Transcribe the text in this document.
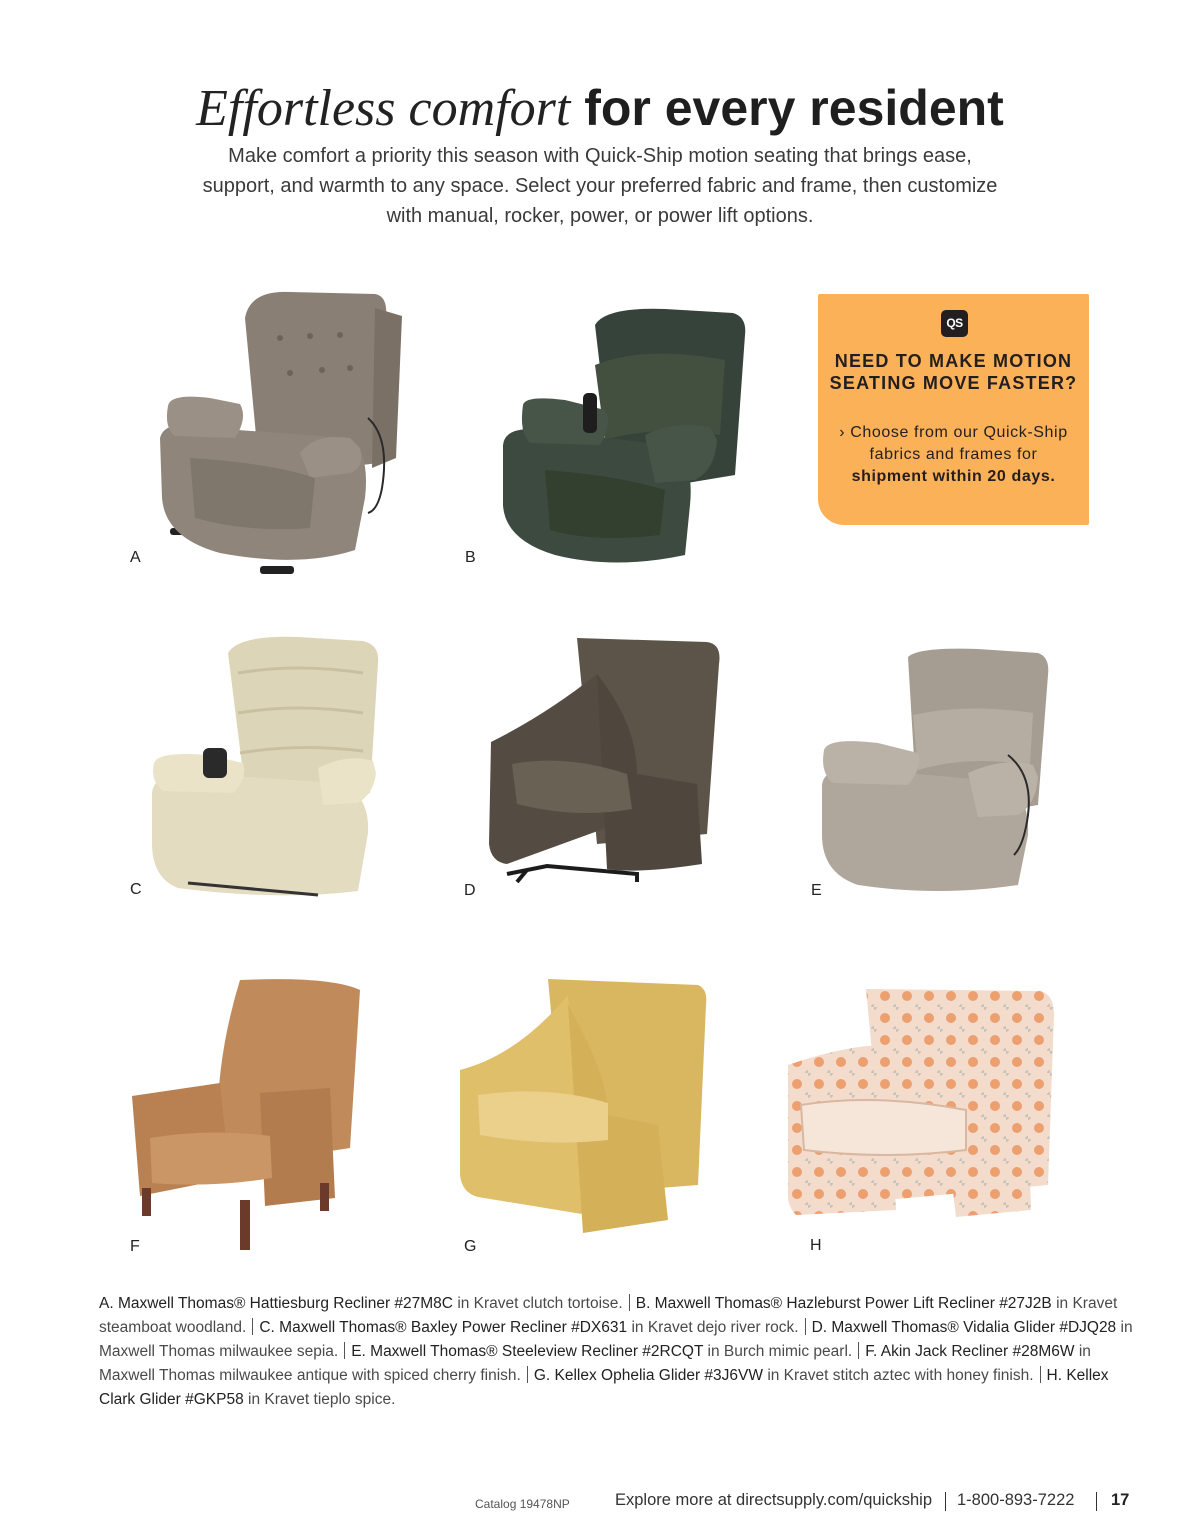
Effortless comfort for every resident

Make comfort a priority this season with Quick-Ship motion seating that brings ease, support, and warmth to any space. Select your preferred fabric and frame, then customize with manual, rocker, power, or power lift options.

A	B
QS
NEED TO MAKE MOTION SEATING MOVE FASTER?
› Choose from our Quick-Ship fabrics and frames for shipment within 20 days.
C	D	E
F	G	H
A. Maxwell Thomas® Hattiesburg Recliner #27M8C in Kravet clutch tortoise. B. Maxwell Thomas® Hazleburst Power Lift Recliner #27J2B in Kravet steamboat woodland. C. Maxwell Thomas® Baxley Power Recliner #DX631 in Kravet dejo river rock. D. Maxwell Thomas® Vidalia Glider #DJQ28 in Maxwell Thomas milwaukee sepia. E. Maxwell Thomas® Steeleview Recliner #2RCQT in Burch mimic pearl. F. Akin Jack Recliner #28M6W in Maxwell Thomas milwaukee antique with spiced cherry finish. G. Kellex Ophelia Glider #3J6VW in Kravet stitch aztec with honey finish. H. Kellex Clark Glider #GKP58 in Kravet tieplo spice.
Catalog 19478NP	Explore more at directsupply.com/quickship 1-800-893-7222 17
